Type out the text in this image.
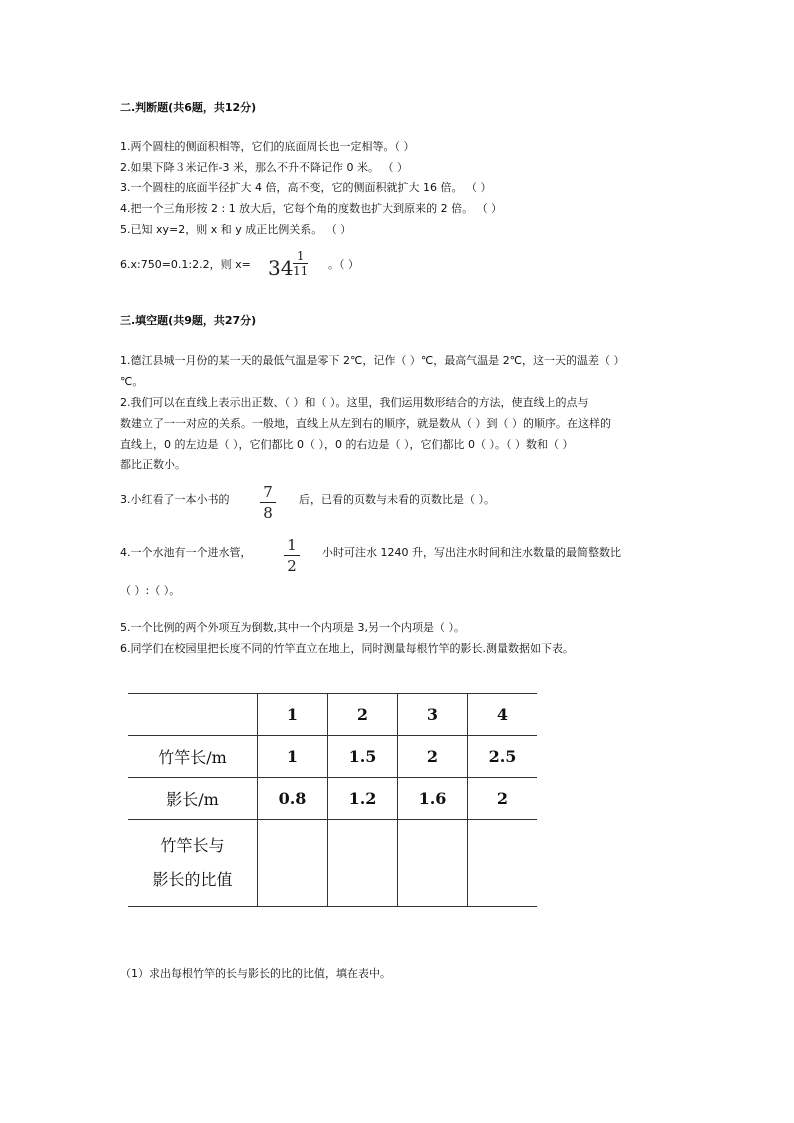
二.判断题(共6题，共12分)
1.两个圆柱的侧面积相等，它们的底面周长也一定相等。（ ）
2.如果下降３米记作-3 米，那么不升不降记作 0 米。 （ ）
3.一个圆柱的底面半径扩大 4 倍，高不变，它的侧面积就扩大 16 倍。 （ ）
4.把一个三角形按 2 : 1 放大后，它每个角的度数也扩大到原来的 2 倍。 （ ）
5.已知 xy=2，则 x 和 y 成正比例关系。 （ ）
6.x:750=0.1:2.2，则 x= 34 1
11 。（ ）
三.填空题(共9题，共27分)
1.德江县城一月份的某一天的最低气温是零下 2℃，记作（ ）℃，最高气温是 2℃，这一天的温差（ ）
℃。
2.我们可以在直线上表示出正数、（ ）和（ ）。这里，我们运用数形结合的方法，使直线上的点与
数建立了一一对应的关系。一般地，直线上从左到右的顺序，就是数从（ ）到（ ）的顺序。在这样的
直线上，0 的左边是（ ），它们都比 0（ ），0 的右边是（ ），它们都比 0（ ）。（ ）数和（ ）
都比正数小。
3.小红看了一本小书的 7
8
后，已看的页数与未看的页数比是（ ）。
4.一个水池有一个进水管， 1
2
小时可注水 1240 升，写出注水时间和注水数量的最简整数比
（ ）:（ ）。
5.一个比例的两个外项互为倒数,其中一个内项是 3,另一个内项是（ ）。
6.同学们在校园里把长度不同的竹竿直立在地上，同时测量每根竹竿的影长.测量数据如下表。
	1	2	3	4
竹竿长/m	1	1.5	2	2.5
影长/m	0.8	1.2	1.6	2

竹竿长与
影长的比值				

（1）求出每根竹竿的长与影长的比的比值，填在表中。
